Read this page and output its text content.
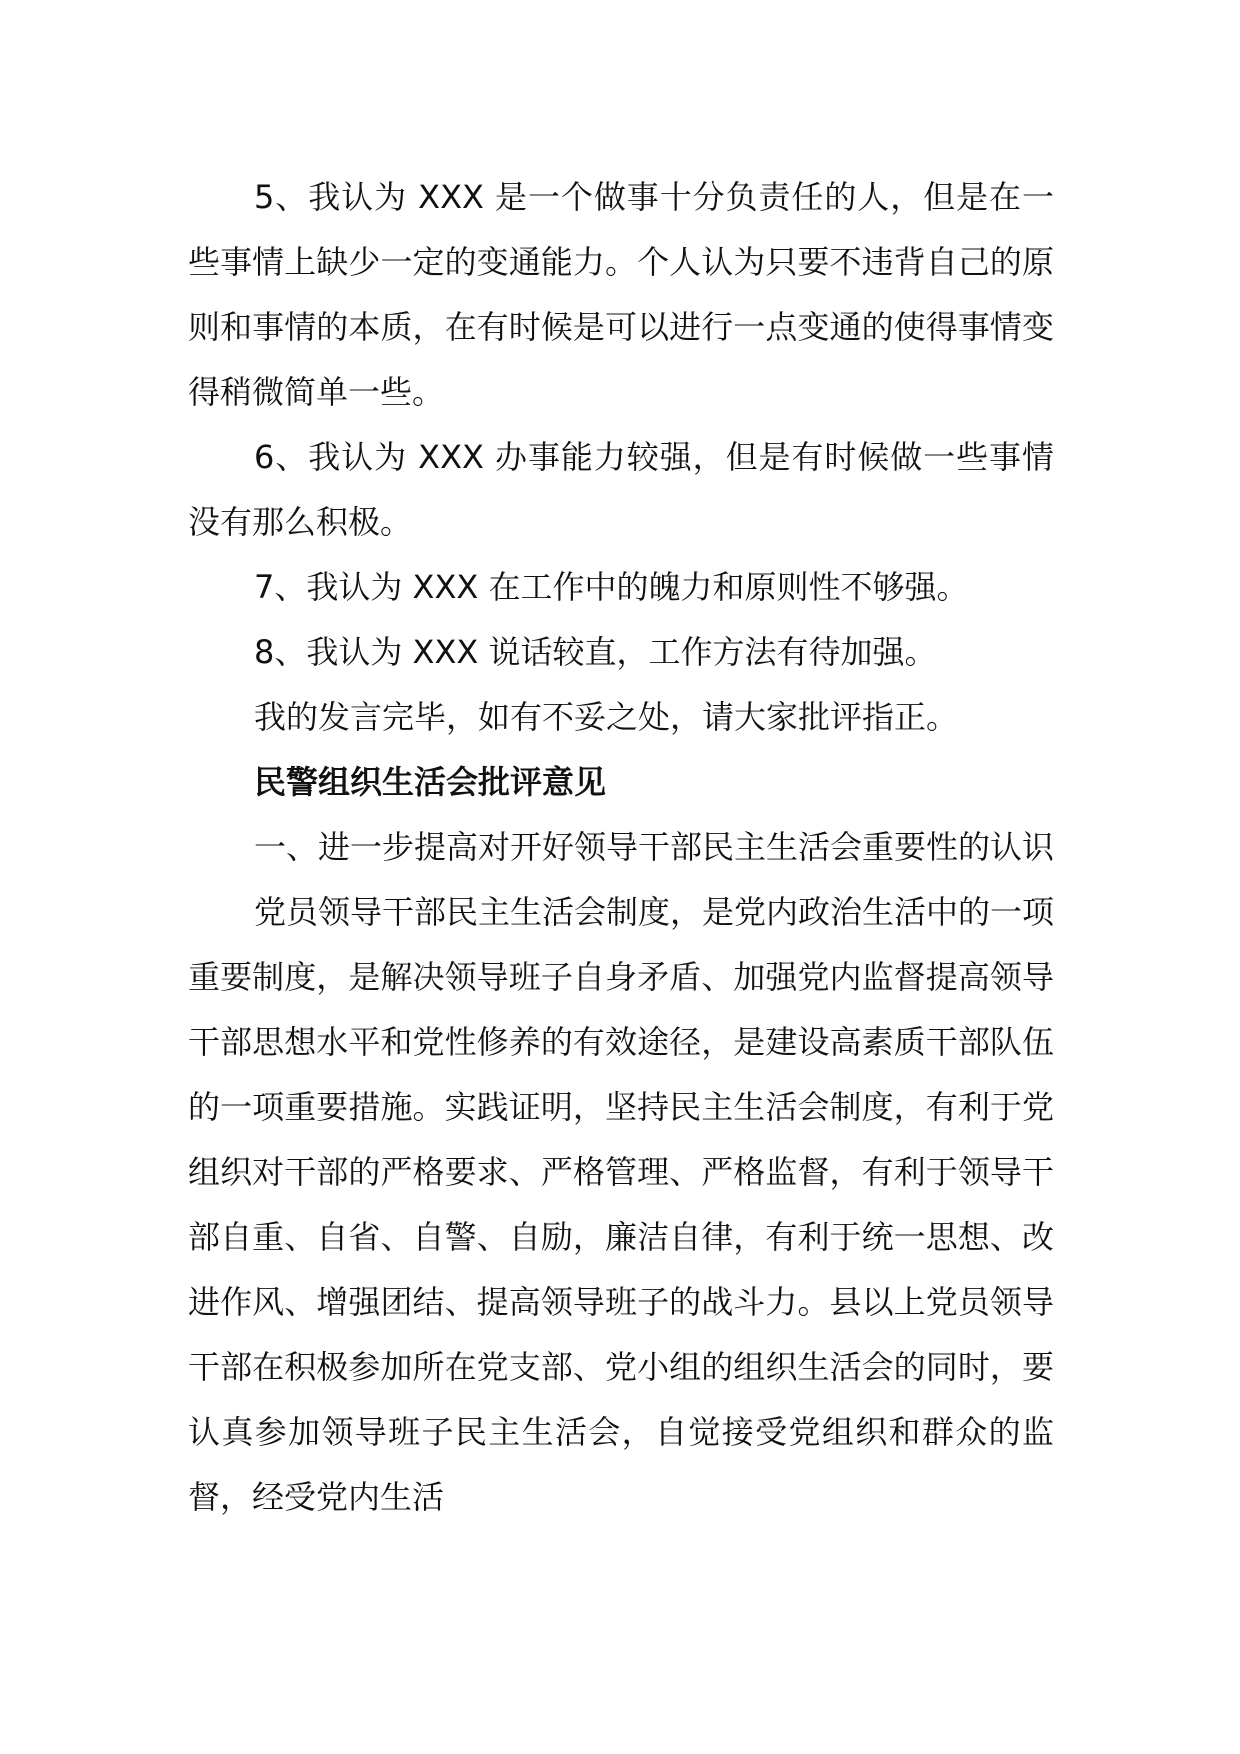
5、我认为 XXX 是一个做事十分负责任的人，但是在一些事情上缺少一定的变通能力。个人认为只要不违背自己的原则和事情的本质，在有时候是可以进行一点变通的使得事情变得稍微简单一些。

6、我认为 XXX 办事能力较强，但是有时候做一些事情没有那么积极。

7、我认为 XXX 在工作中的魄力和原则性不够强。

8、我认为 XXX 说话较直，工作方法有待加强。

我的发言完毕，如有不妥之处，请大家批评指正。

民警组织生活会批评意见

一、进一步提高对开好领导干部民主生活会重要性的认识

党员领导干部民主生活会制度，是党内政治生活中的一项重要制度，是解决领导班子自身矛盾、加强党内监督提高领导干部思想水平和党性修养的有效途径，是建设高素质干部队伍的一项重要措施。实践证明，坚持民主生活会制度，有利于党组织对干部的严格要求、严格管理、严格监督，有利于领导干部自重、自省、自警、自励，廉洁自律，有利于统一思想、改进作风、增强团结、提高领导班子的战斗力。县以上党员领导干部在积极参加所在党支部、党小组的组织生活会的同时，要认真参加领导班子民主生活会，自觉接受党组织和群众的监督，经受党内生活
